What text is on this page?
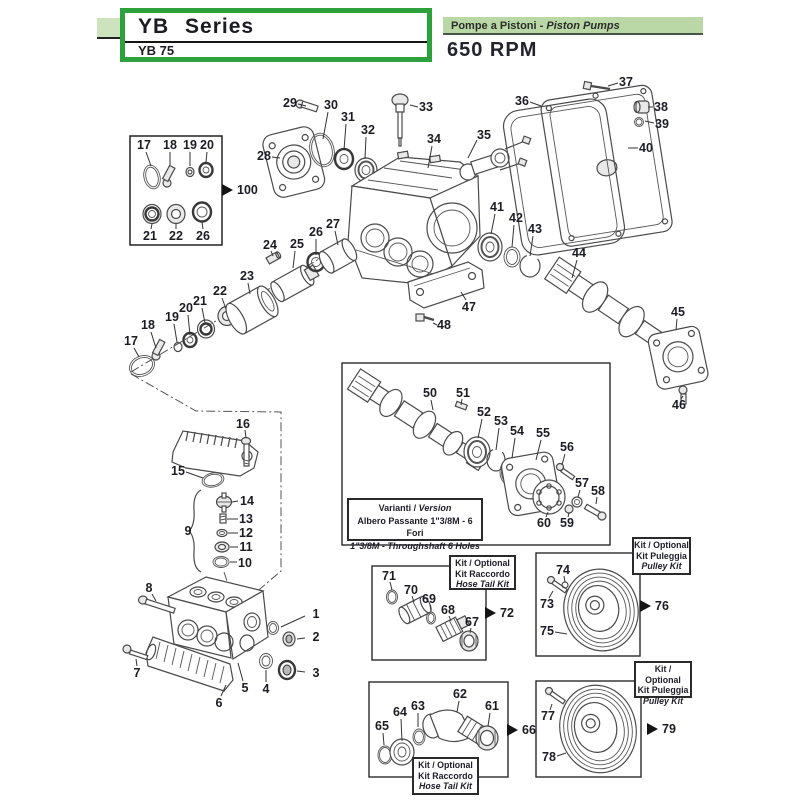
1
2
3
4
5
6
7
8
9
10
11
12
13
14
15
16
17 18 19 20
21 22 26
100
17
18
19
20 21
22
23
24 25
26
27
28
29 30
31
32
33
34	35
36
37
38
39
40
41
42
43
44
45
46
47
48
50 51
52
53
54 55
56
57
58
59
60
61
62
63
64
65	66
67
68
69
70
71
72
73
74
75
76
77
78
79
YB Series
YB 75
Pompe a Pistoni - Piston Pumps
650 RPM
Varianti / Version
Albero Passante 1"3/8M - 6 Fori
1"3/8M - Throughshaft 6 Holes
Kit / Optional
Kit Raccordo
Hose Tail Kit
Kit / Optional
Kit Puleggia
Pulley Kit
Kit / Optional
Kit Raccordo
Hose Tail Kit
Kit / Optional
Kit Puleggia
Pulley Kit
